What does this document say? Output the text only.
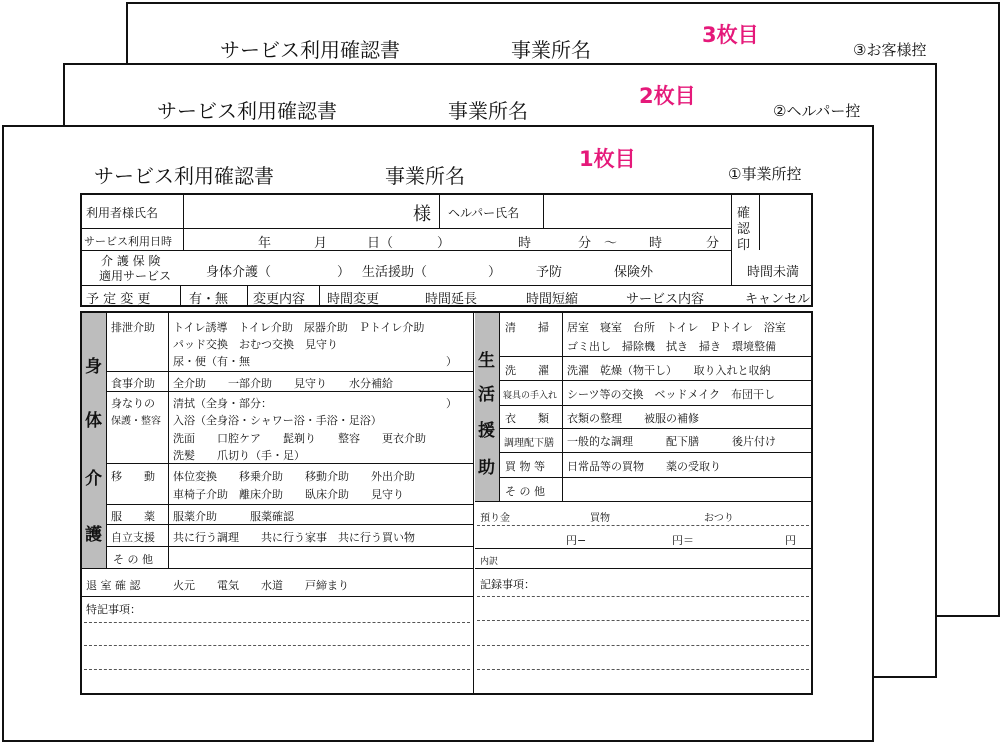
サービス利用確認書	事業所名
3枚目
③お客様控
サービス利用確認書	事業所名
2枚目
②ヘルパー控
サービス利用確認書	事業所名
1枚目
①事業所控
利用者様氏名	様 ヘルパー氏名	確
認
印
サービス利用日時	年	月	日（	）	時	分 ～ 時	分
介 護 保 険
適用サービス	身体介護（	） 生活援助（	）	予防	保険外	時間未満
予 定 変 更	有・無 変更内容 時間変更	時間延長	時間短縮	サービス内容	キャンセル
身
体
介
護
排泄介助 トイレ誘導　トイレ介助　尿器介助　Ｐトイレ介助
パッド交換　おむつ交換　見守り
尿・便（有・無	）
食事介助 全介助　　一部介助　　見守り　　水分補給
身なりの
保護・整容
清拭（全身・部分：	）
入浴（全身浴・シャワー浴・手浴・足浴）
洗面　　口腔ケア　　髭剃り　　整容　　更衣介助
洗髪　　爪切り（手・足）
移　　動 体位変換　　移乗介助　　移動介助　　外出介助
車椅子介助　離床介助　　臥床介助　　見守り
服　　薬 服薬介助　　　服薬確認
自立支援 共に行う調理　　共に行う家事　共に行う買い物
そ の 他
退 室 確 認	火元　　電気　　水道　　戸締まり
特記事項：
生
活
援
助
清　　掃 居室　寝室　台所　トイレ　Ｐトイレ　浴室
ゴミ出し　掃除機　拭き　掃き　環境整備
洗　　濯 洗濯　乾燥（物干し）　　取り入れと収納
寝具の手入れ シーツ等の交換　ベッドメイク　布団干し
衣　　類 衣類の整理　　被服の補修
調理配下膳 一般的な調理　　　配下膳　　　後片付け
買 物 等 日常品等の買物　　薬の受取り
そ の 他
預り金	買物	おつり
円−	円＝	円
内訳
記録事項：
